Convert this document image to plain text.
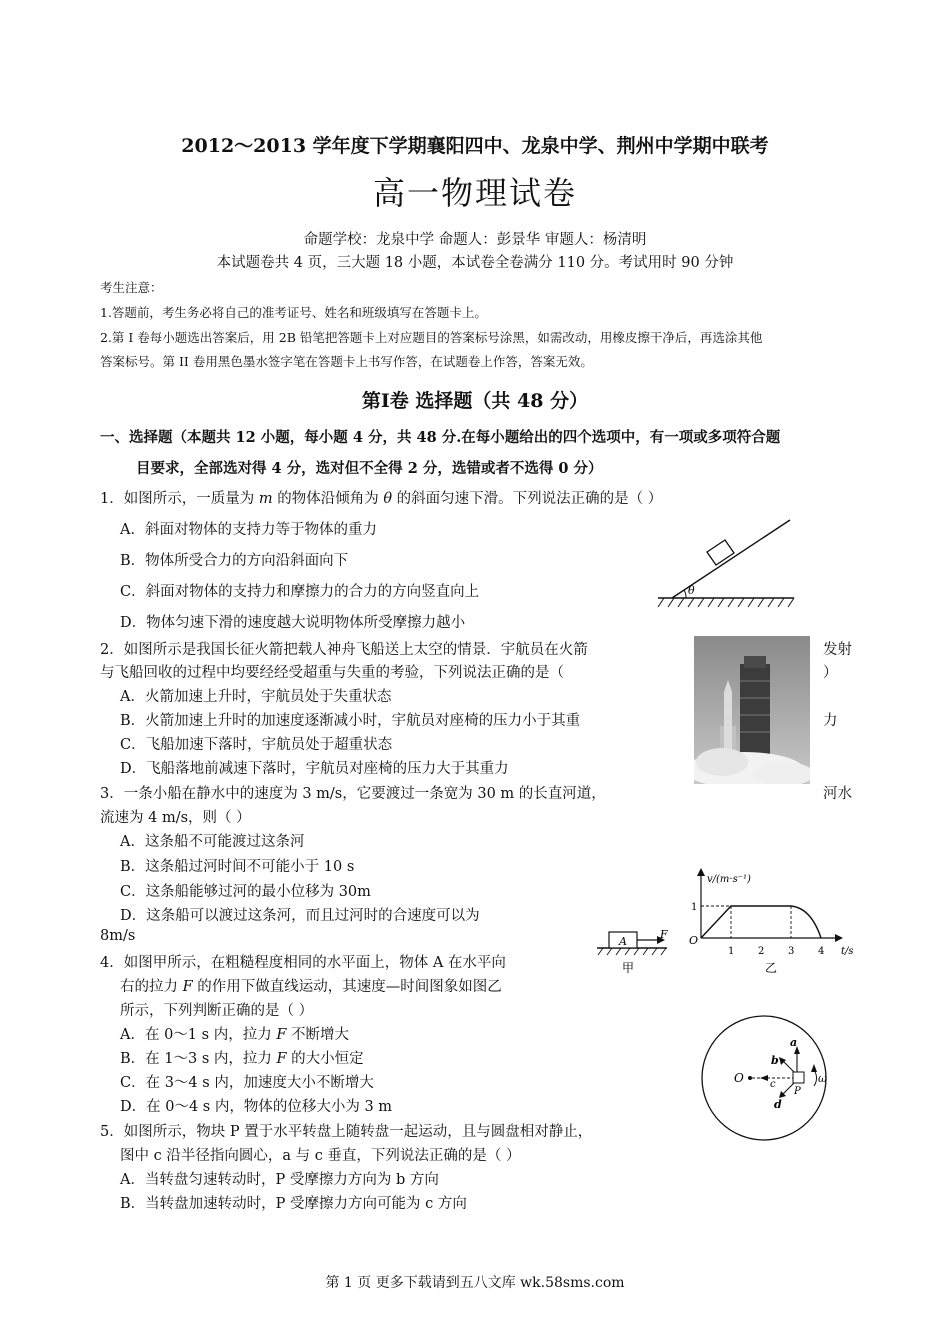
2012～2013 学年度下学期襄阳四中、龙泉中学、荆州中学期中联考
高一物理试卷
命题学校：龙泉中学 命题人：彭景华 审题人：杨清明
本试题卷共 4 页，三大题 18 小题，本试卷全卷满分 110 分。考试用时 90 分钟
考生注意：
1.答题前，考生务必将自己的准考证号、姓名和班级填写在答题卡上。
2.第 I 卷每小题选出答案后，用 2B 铅笔把答题卡上对应题目的答案标号涂黑，如需改动，用橡皮擦干净后，再选涂其他
答案标号。第 II 卷用黑色墨水签字笔在答题卡上书写作答，在试题卷上作答，答案无效。
第Ⅰ卷 选择题（共 48 分）
一、选择题（本题共 12 小题，每小题 4 分，共 48 分.在每小题给出的四个选项中，有一项或多项符合题
目要求，全部选对得 4 分，选对但不全得 2 分，选错或者不选得 0 分）
1．如图所示，一质量为 m 的物体沿倾角为 θ 的斜面匀速下滑。下列说法正确的是（ ）
A．斜面对物体的支持力等于物体的重力
B．物体所受合力的方向沿斜面向下
C．斜面对物体的支持力和摩擦力的合力的方向竖直向上
D．物体匀速下滑的速度越大说明物体所受摩擦力越小
θ
2．如图所示是我国长征火箭把载人神舟飞船送上太空的情景．宇航员在火箭	发射
与飞船回收的过程中均要经经受超重与失重的考验，下列说法正确的是（	）
A．火箭加速上升时，宇航员处于失重状态
B．火箭加速上升时的加速度逐渐减小时，宇航员对座椅的压力小于其重	力
C．飞船加速下落时，宇航员处于超重状态
D．飞船落地前减速下落时，宇航员对座椅的压力大于其重力
3．一条小船在静水中的速度为 3 m/s，它要渡过一条宽为 30 m 的长直河道，	河水
流速为 4 m/s，则（ ）
A．这条船不可能渡过这条河
B．这条船过河时间不可能小于 10 s
C．这条船能够过河的最小位移为 30m
D．这条船可以渡过这条河，而且过河时的合速度可以为
8m/s	A
F
甲
v/(m·s⁻¹)
t/s
O
1
1 2 3 4
乙
4．如图甲所示，在粗糙程度相同的水平面上，物体 A 在水平向
右的拉力 F 的作用下做直线运动，其速度—时间图象如图乙
所示，下列判断正确的是（ ）
A．在 0～1 s 内，拉力 F 不断增大
B．在 1～3 s 内，拉力 F 的大小恒定
C．在 3～4 s 内，加速度大小不断增大
D．在 0～4 s 内，物体的位移大小为 3 m
O	c
P
a
b
d
ω
5．如图所示，物块 P 置于水平转盘上随转盘一起运动，且与圆盘相对静止，
图中 c 沿半径指向圆心，a 与 c 垂直，下列说法正确的是（ ）
A．当转盘匀速转动时，P 受摩擦力方向为 b 方向
B．当转盘加速转动时，P 受摩擦力方向可能为 c 方向
第 1 页 更多下载请到五八文库 wk.58sms.com
